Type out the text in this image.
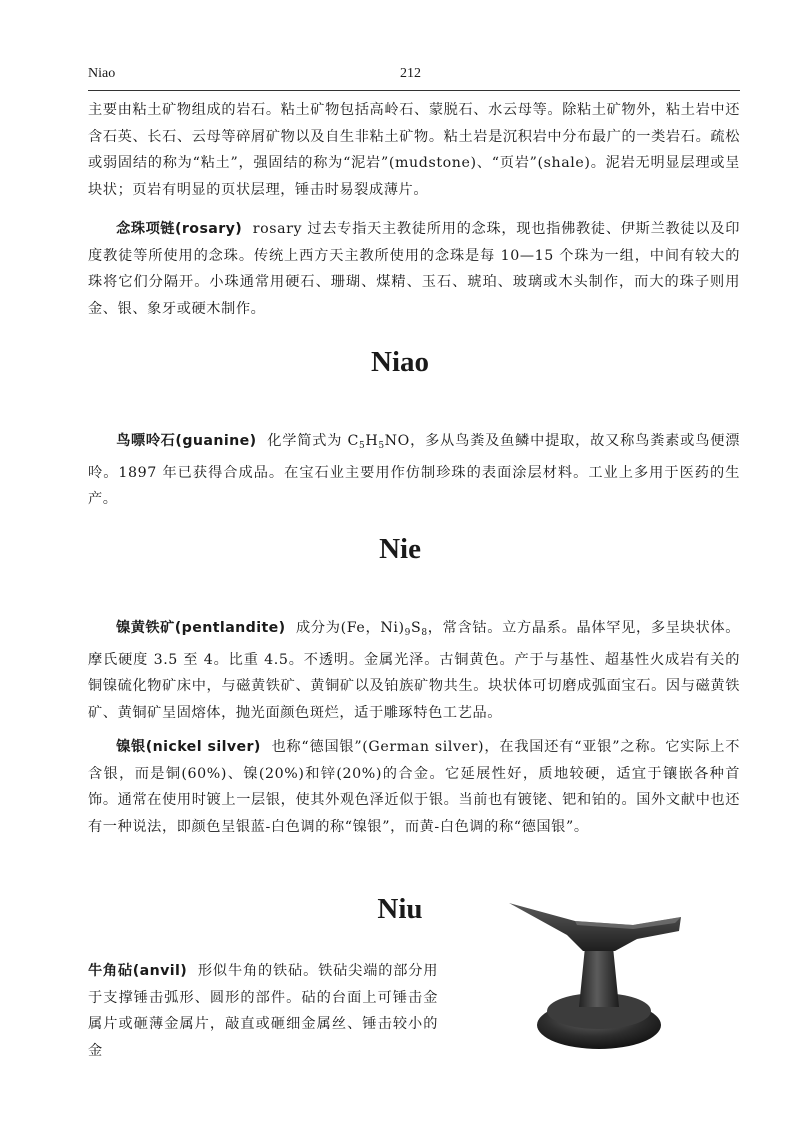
Niao	212

主要由粘土矿物组成的岩石。粘土矿物包括高岭石、蒙脱石、水云母等。除粘土矿物外，粘土岩中还含石英、长石、云母等碎屑矿物以及自生非粘土矿物。粘土岩是沉积岩中分布最广的一类岩石。疏松或弱固结的称为“粘土”，强固结的称为“泥岩”(mudstone)、“页岩”(shale)。泥岩无明显层理或呈块状；页岩有明显的页状层理，锤击时易裂成薄片。

念珠项链(rosary) rosary 过去专指天主教徒所用的念珠，现也指佛教徒、伊斯兰教徒以及印度教徒等所使用的念珠。传统上西方天主教所使用的念珠是每 10—15 个珠为一组，中间有较大的珠将它们分隔开。小珠通常用硬石、珊瑚、煤精、玉石、琥珀、玻璃或木头制作，而大的珠子则用金、银、象牙或硬木制作。

Niao

鸟嘌呤石(guanine) 化学简式为 $C_5H_5NO$，多从鸟粪及鱼鳞中提取，故又称鸟粪素或鸟便漂呤。1897 年已获得合成品。在宝石业主要用作仿制珍珠的表面涂层材料。工业上多用于医药的生产。

Nie

镍黄铁矿(pentlandite) 成分为(Fe，$Ni)_9S_8$，常含钴。立方晶系。晶体罕见，多呈块状体。摩氏硬度 3.5 至 4。比重 4.5。不透明。金属光泽。古铜黄色。产于与基性、超基性火成岩有关的铜镍硫化物矿床中，与磁黄铁矿、黄铜矿以及铂族矿物共生。块状体可切磨成弧面宝石。因与磁黄铁矿、黄铜矿呈固熔体，抛光面颜色斑烂，适于雕琢特色工艺品。

镍银(nickel silver) 也称“德国银”(German silver)，在我国还有“亚银”之称。它实际上不含银，而是铜(60%)、镍(20%)和锌(20%)的合金。它延展性好，质地较硬，适宜于镶嵌各种首饰。通常在使用时镀上一层银，使其外观色泽近似于银。当前也有镀铑、钯和铂的。国外文献中也还有一种说法，即颜色呈银蓝-白色调的称“镍银”，而黄-白色调的称“德国银”。

Niu

牛角砧(anvil) 形似牛角的铁砧。铁砧尖端的部分用于支撑锤击弧形、圆形的部件。砧的台面上可锤击金属片或砸薄金属片，敲直或砸细金属丝、锤击较小的金
